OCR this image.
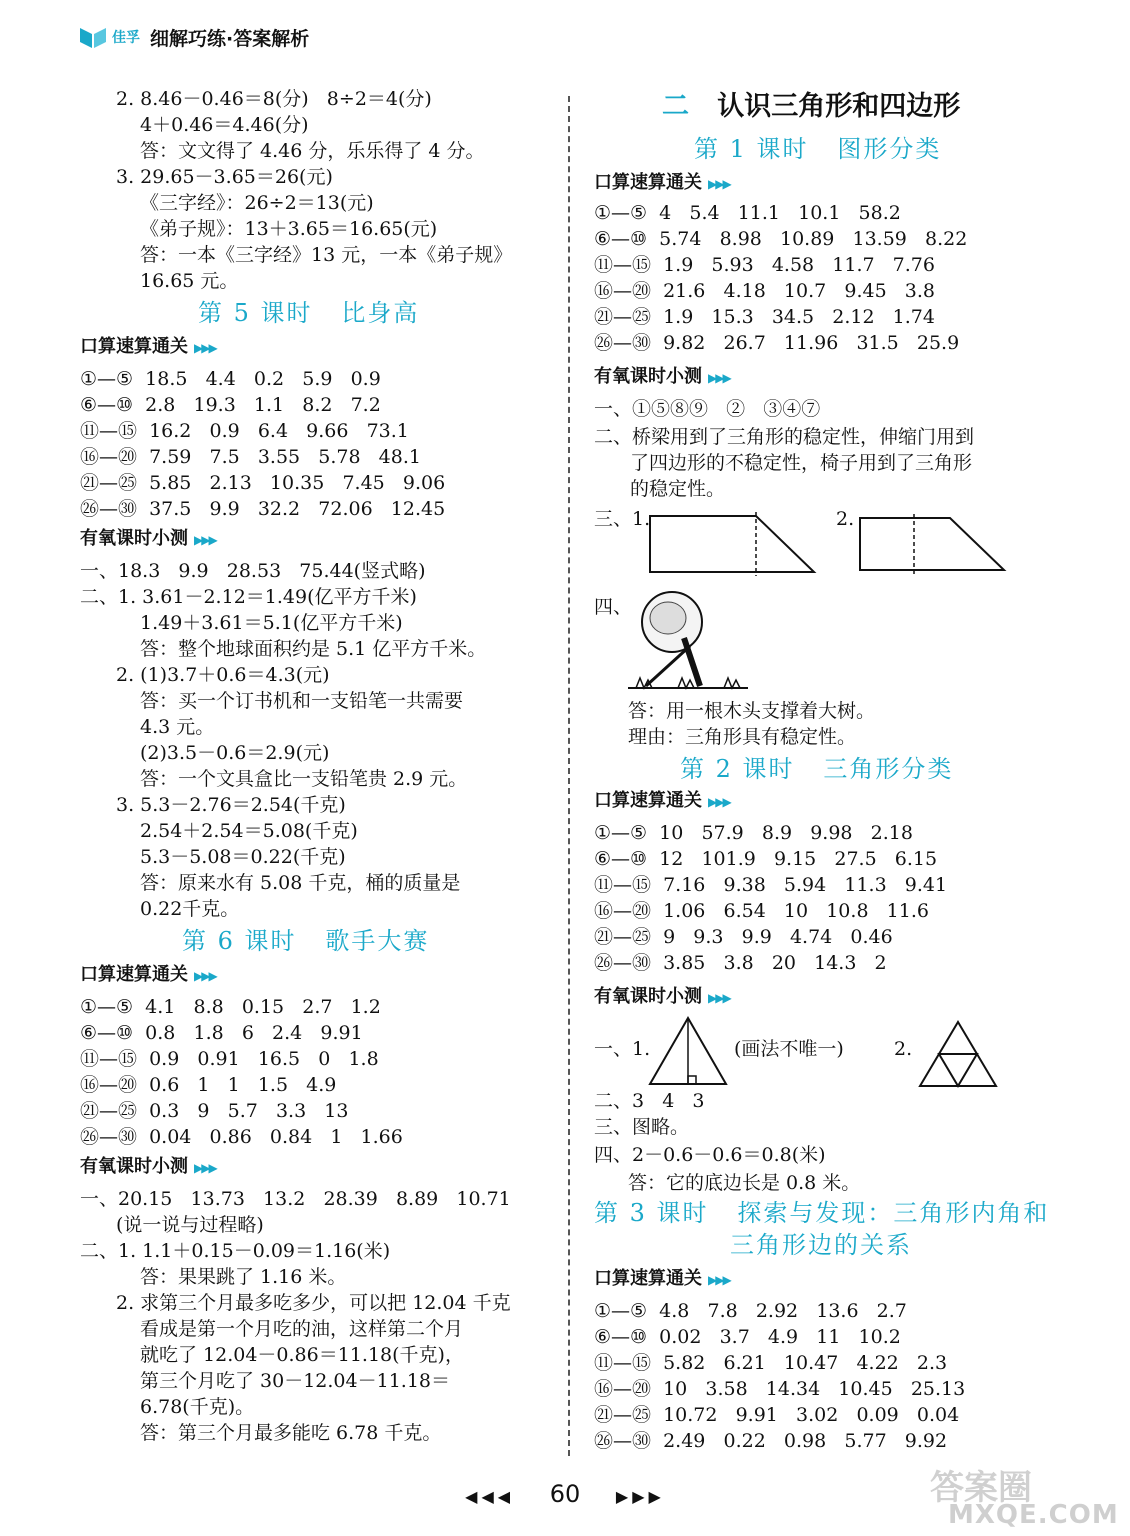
佳孚 细解巧练·答案解析
2. 8.46－0.46＝8(分)   8÷2＝4(分)
4＋0.46＝4.46(分)
答：文文得了 4.46 分，乐乐得了 4 分。
3. 29.65－3.65＝26(元)
《三字经》：26÷2＝13(元)
《弟子规》：13＋3.65＝16.65(元)
答：一本《三字经》13 元，一本《弟子规》
16.65 元。
第 5 课时   比身高
口算速算通关 ▶▶▶
①—⑤  18.5   4.4   0.2   5.9   0.9
⑥—⑩  2.8   19.3   1.1   8.2   7.2
⑪—⑮  16.2   0.9   6.4   9.66   73.1
⑯—⑳  7.59   7.5   3.55   5.78   48.1
㉑—㉕  5.85   2.13   10.35   7.45   9.06
㉖—㉚  37.5   9.9   32.2   72.06   12.45
有氧课时小测 ▶▶▶
一、18.3   9.9   28.53   75.44(竖式略)
二、1. 3.61－2.12＝1.49(亿平方千米)
1.49＋3.61＝5.1(亿平方千米)
答：整个地球面积约是 5.1 亿平方千米。
2. (1)3.7＋0.6＝4.3(元)
答：买一个订书机和一支铅笔一共需要
4.3 元。
(2)3.5－0.6＝2.9(元)
答：一个文具盒比一支铅笔贵 2.9 元。
3. 5.3－2.76＝2.54(千克)
2.54＋2.54＝5.08(千克)
5.3－5.08＝0.22(千克)
答：原来水有 5.08 千克，桶的质量是
0.22千克。
第 6 课时   歌手大赛
口算速算通关 ▶▶▶
①—⑤  4.1   8.8   0.15   2.7   1.2
⑥—⑩  0.8   1.8   6   2.4   9.91
⑪—⑮  0.9   0.91   16.5   0   1.8
⑯—⑳  0.6   1   1   1.5   4.9
㉑—㉕  0.3   9   5.7   3.3   13
㉖—㉚  0.04   0.86   0.84   1   1.66
有氧课时小测 ▶▶▶
一、20.15   13.73   13.2   28.39   8.89   10.71
(说一说与过程略)
二、1. 1.1＋0.15－0.09＝1.16(米)
答：果果跳了 1.16 米。
2. 求第三个月最多吃多少，可以把 12.04 千克
看成是第一个月吃的油，这样第二个月
就吃了 12.04－0.86＝11.18(千克)，
第三个月吃了 30－12.04－11.18＝
6.78(千克)。
答：第三个月最多能吃 6.78 千克。
二 认识三角形和四边形
第 1 课时   图形分类
口算速算通关 ▶▶▶
①—⑤  4   5.4   11.1   10.1   58.2
⑥—⑩  5.74   8.98   10.89   13.59   8.22
⑪—⑮  1.9   5.93   4.58   11.7   7.76
⑯—⑳  21.6   4.18   10.7   9.45   3.8
㉑—㉕  1.9   15.3   34.5   2.12   1.74
㉖—㉚  9.82   26.7   11.96   31.5   25.9
有氧课时小测 ▶▶▶
一、①⑤⑧⑨   ②   ③④⑦
二、桥梁用到了三角形的稳定性，伸缩门用到
了四边形的不稳定性，椅子用到了三角形
的稳定性。
三、1.	2.
四、
答：用一根木头支撑着大树。
理由：三角形具有稳定性。
第 2 课时   三角形分类
口算速算通关 ▶▶▶
①—⑤  10   57.9   8.9   9.98   2.18
⑥—⑩  12   101.9   9.15   27.5   6.15
⑪—⑮  7.16   9.38   5.94   11.3   9.41
⑯—⑳  1.06   6.54   10   10.8   11.6
㉑—㉕  9   9.3   9.9   4.74   0.46
㉖—㉚  3.85   3.8   20   14.3   2
有氧课时小测 ▶▶▶
一、1.	(画法不唯一)	2.
二、3   4   3
三、图略。
四、2－0.6－0.6＝0.8(米)
答：它的底边长是 0.8 米。
第 3 课时   探索与发现：三角形内角和
三角形边的关系
口算速算通关 ▶▶▶
①—⑤  4.8   7.8   2.92   13.6   2.7
⑥—⑩  0.02   3.7   4.9   11   10.2
⑪—⑮  5.82   6.21   10.47   4.22   2.3
⑯—⑳  10   3.58   14.34   10.45   25.13
㉑—㉕  10.72   9.91   3.02   0.09   0.04
㉖—㉚  2.49   0.22   0.98   5.77   9.92
◀◀◀ 60 ▶▶▶	答案圈
MXQE.COM
